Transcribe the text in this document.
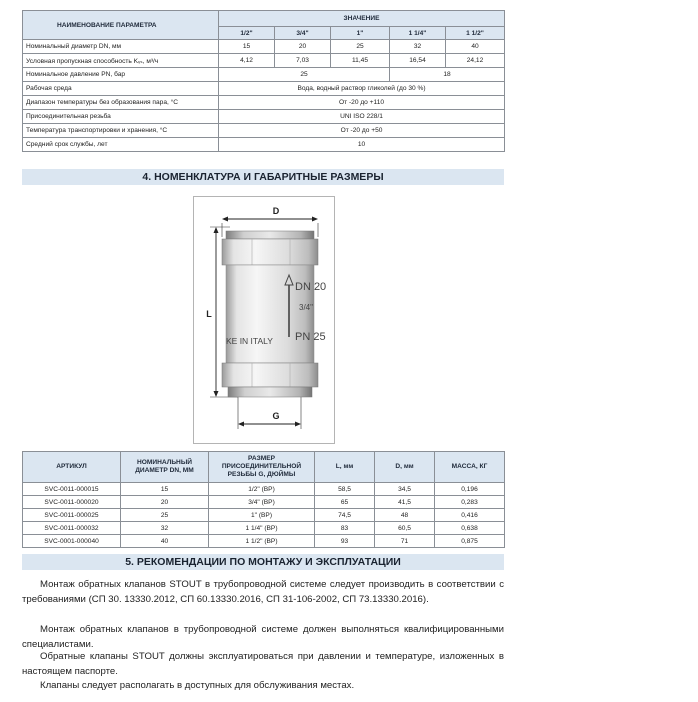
НАИМЕНОВАНИЕ ПАРАМЕТРА	ЗНАЧЕНИЕ				
	1/2"	3/4"	1"	1 1/4"	1 1/2"
Номинальный диаметр DN, мм	15	20	25	32	40
Условная пропускная способность Kᵥₛ, м³/ч	4,12	7,03	11,45	16,54	24,12
Номинальное давление PN, бар	25			18	
Рабочая среда	Вода, водный раствор гликолей (до 30 %)				
Диапазон температуры без образования пара, °С	От -20 до +110				
Присоединительная резьба	UNI ISO 228/1				
Температура транспортировки и хранения, °С	От -20 до +50				
Средний срок службы, лет	10				
4. НОМЕНКЛАТУРА И ГАБАРИТНЫЕ РАЗМЕРЫ
D
L
G
DN 20
3/4"
PN 25
KE IN ITALY
АРТИКУЛ	НОМИНАЛЬНЫЙ ДИАМЕТР DN, ММ	РАЗМЕР ПРИСОЕДИНИТЕЛЬНОЙ РЕЗЬБЫ G, ДЮЙМЫ	L, мм	D, мм	МАССА, КГ
SVC-0011-000015	15	1/2" (ВР)	58,5	34,5	0,196
SVC-0011-000020	20	3/4" (ВР)	65	41,5	0,283
SVC-0011-000025	25	1" (ВР)	74,5	48	0,416
SVC-0011-000032	32	1 1/4" (ВР)	83	60,5	0,638
SVC-0001-000040	40	1 1/2" (ВР)	93	71	0,875
5. РЕКОМЕНДАЦИИ ПО МОНТАЖУ И ЭКСПЛУАТАЦИИ

Монтаж обратных клапанов STOUT в трубопроводной системе следует производить в соответствии с требованиями (СП 30. 13330.2012, СП 60.13330.2016, СП 31-106-2002, СП 73.13330.2016).

Монтаж обратных клапанов в трубопроводной системе должен выполняться квалифицированными специалистами.

Обратные клапаны STOUT должны эксплуатироваться при давлении и температуре, изложенных в настоящем паспорте.

Клапаны следует располагать в доступных для обслуживания местах.
